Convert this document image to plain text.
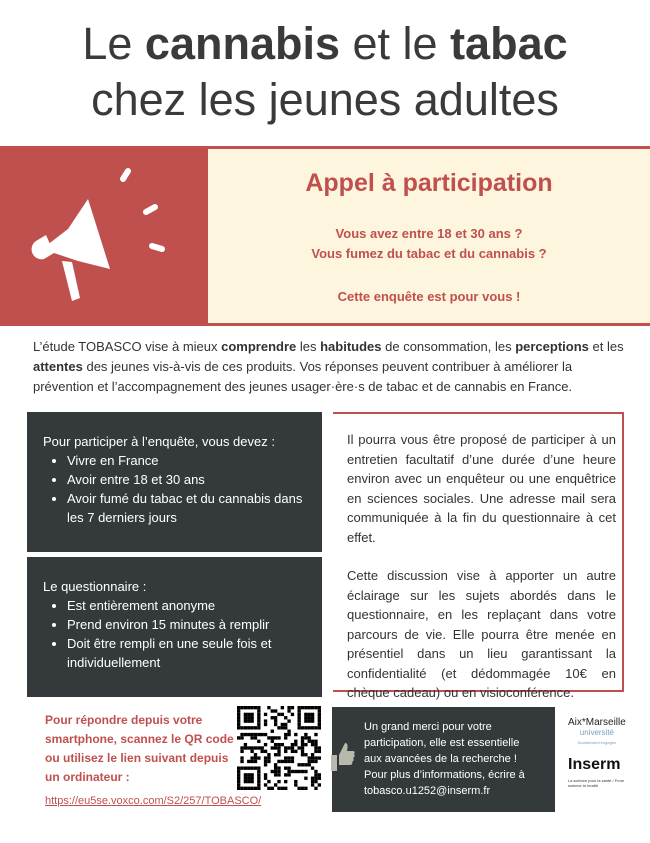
Le cannabis et le tabac
chez les jeunes adultes
Appel à participation
Vous avez entre 18 et 30 ans ?
Vous fumez du tabac et du cannabis ?
Cette enquête est pour vous !
L’étude TOBASCO vise à mieux comprendre les habitudes de consommation, les perceptions et les attentes des jeunes vis-à-vis de ces produits. Vos réponses peuvent contribuer à améliorer la prévention et l’accompagnement des jeunes usager·ère·s de tabac et de cannabis en France.
Pour participer à l’enquête, vous devez :
• Vivre en France
• Avoir entre 18 et 30 ans
• Avoir fumé du tabac et du cannabis dans les 7 derniers jours
Le questionnaire :
• Est entièrement anonyme
• Prend environ 15 minutes à remplir
• Doit être rempli en une seule fois et individuellement

Il pourra vous être proposé de participer à un entretien facultatif d’une durée d’une heure environ avec un enquêteur ou une enquêtrice en sciences sociales. Une adresse mail sera communiquée à la fin du questionnaire à cet effet.

Cette discussion vise à apporter un autre éclairage sur les sujets abordés dans le questionnaire, en les replaçant dans votre parcours de vie. Elle pourra être menée en présentiel dans un lieu garantissant la confidentialité (et dédommagée 10€ en chèque cadeau) ou en visioconférence.

Pour répondre depuis votre smartphone, scannez le QR code ou utilisez le lien suivant depuis un ordinateur :
https://eu5se.voxco.com/S2/257/TOBASCO/
Un grand merci pour votre
participation, elle est essentielle
aux avancées de la recherche !
Pour plus d’informations, écrire à
tobasco.u1252@inserm.fr
Aix*Marseille
université
Socialement engagée
Inserm
La science pour la santé / From science to health
